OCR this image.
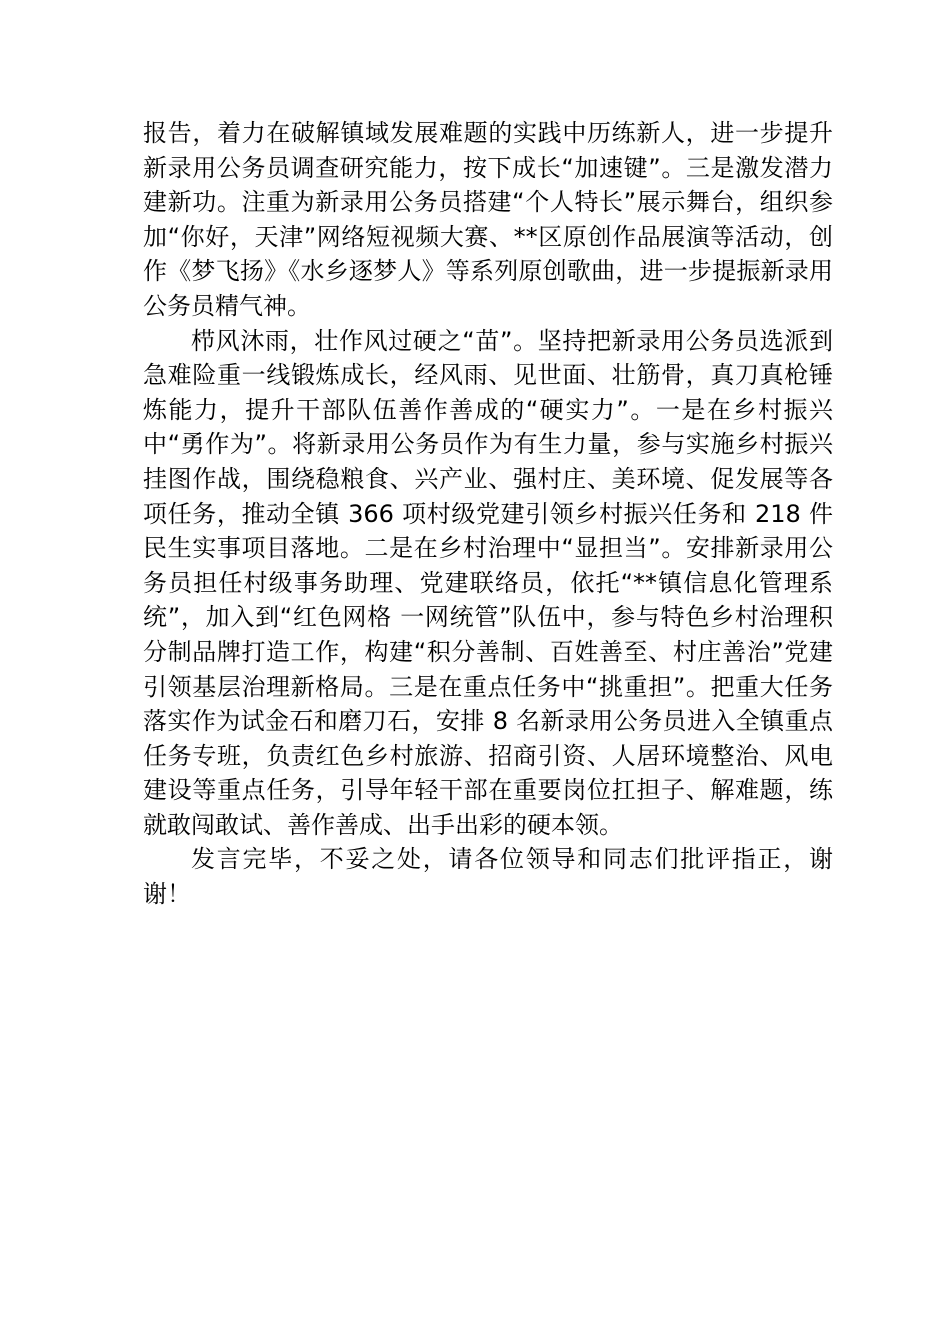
报告，着力在破解镇域发展难题的实践中历练新人，进一步提升新录用公务员调查研究能力，按下成长“加速键”。三是激发潜力建新功。注重为新录用公务员搭建“个人特长”展示舞台，组织参加“你好，天津”网络短视频大赛、**区原创作品展演等活动，创作《梦飞扬》《水乡逐梦人》等系列原创歌曲，进一步提振新录用公务员精气神。

栉风沐雨，壮作风过硬之“苗”。坚持把新录用公务员选派到急难险重一线锻炼成长，经风雨、见世面、壮筋骨，真刀真枪锤炼能力，提升干部队伍善作善成的“硬实力”。一是在乡村振兴中“勇作为”。将新录用公务员作为有生力量，参与实施乡村振兴挂图作战，围绕稳粮食、兴产业、强村庄、美环境、促发展等各项任务，推动全镇 366 项村级党建引领乡村振兴任务和 218 件民生实事项目落地。二是在乡村治理中“显担当”。安排新录用公务员担任村级事务助理、党建联络员，依托“**镇信息化管理系统”，加入到“红色网格 一网统管”队伍中，参与特色乡村治理积分制品牌打造工作，构建“积分善制、百姓善至、村庄善治”党建引领基层治理新格局。三是在重点任务中“挑重担”。把重大任务落实作为试金石和磨刀石，安排 8 名新录用公务员进入全镇重点任务专班，负责红色乡村旅游、招商引资、人居环境整治、风电建设等重点任务，引导年轻干部在重要岗位扛担子、解难题，练就敢闯敢试、善作善成、出手出彩的硬本领。

发言完毕，不妥之处，请各位领导和同志们批评指正，谢谢！
